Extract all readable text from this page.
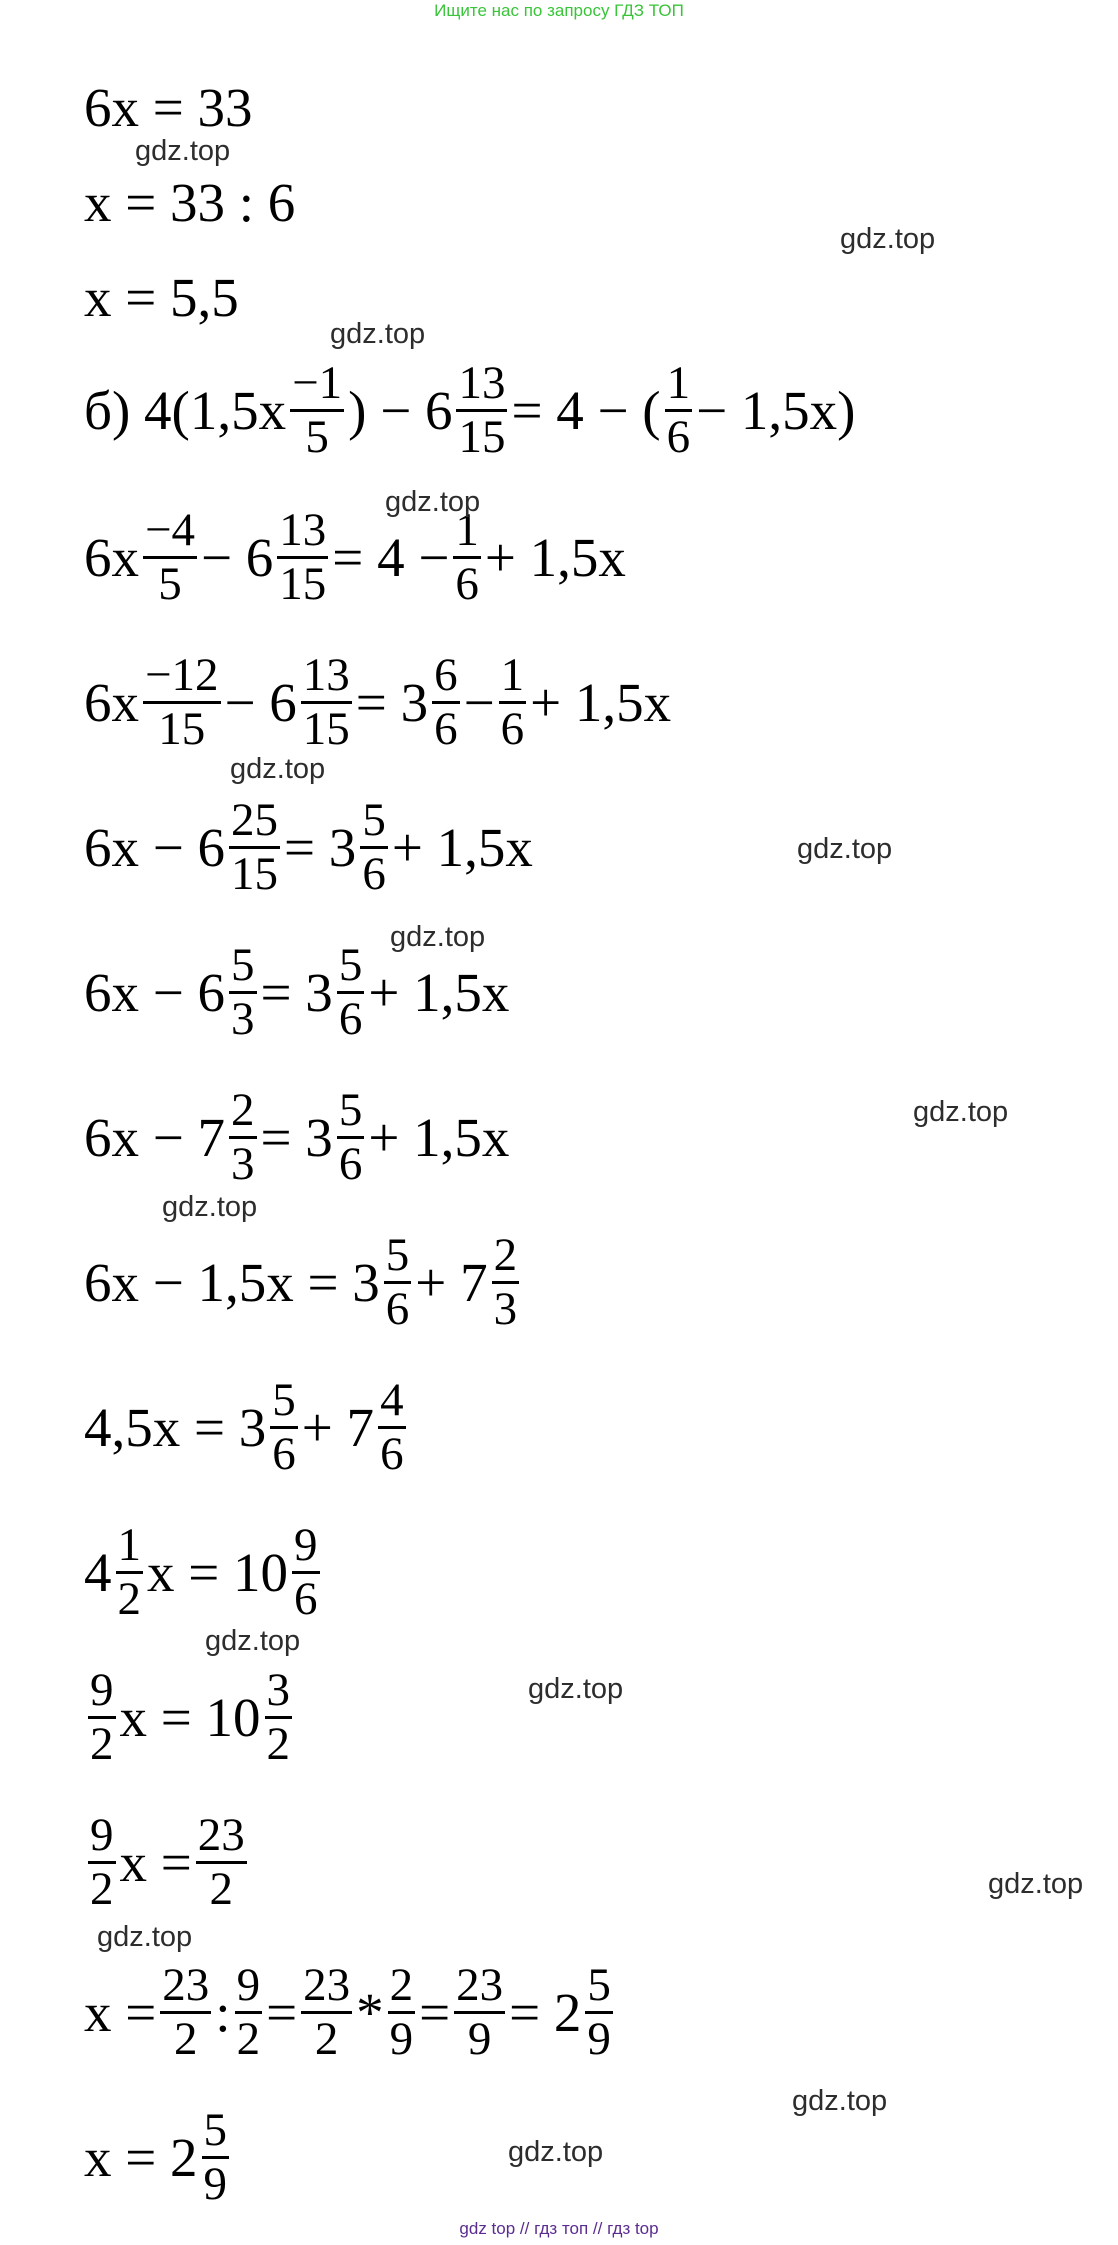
Ищите нас по запросу ГДЗ ТОП
6x = 33
x = 33 : 6
x = 5,5
б) $4(1,5x \frac{-1}{5}$ ) − $6 \frac{13}{15} = 4$ − ( $\frac{1}{6} - 1,5x$)
$6x \frac{-4}{5} - 6 \frac{13}{15} = 4 - \frac{1}{6} + 1,5x$
$6x \frac{-12}{15} - 6 \frac{13}{15} = 3 \frac{6}{6} - \frac{1}{6} + 1,5x$
$6x - 6 \frac{25}{15} = 3 \frac{5}{6} + 1,5x$
$6x - 6 \frac{5}{3} = 3 \frac{5}{6} + 1,5x$
$6x - 7 \frac{2}{3} = 3 \frac{5}{6} + 1,5x$
$6x - 1,5x = 3 \frac{5}{6} + 7 \frac{2}{3}$
$4,5x = 3 \frac{5}{6} + 7 \frac{4}{6}$
$4 \frac{1}{2}$ $x = 10 \frac{9}{6}$
$\frac{9}{2}$ $x = 10 \frac{3}{2}$
$\frac{9}{2}$ $x = \frac{23}{2}$
$x = \frac{23}{2}$ : $\frac{9}{2} = \frac{23}{2} * \frac{2}{9} = \frac{23}{9} = 2 \frac{5}{9}$
$x = 2 \frac{5}{9}$
gdz.top
gdz.top
gdz.top
gdz.top
gdz.top
gdz.top
gdz.top
gdz.top
gdz.top
gdz.top
gdz.top
gdz.top
gdz.top
gdz.top
gdz.top
gdz top // гдз топ // гдз top
